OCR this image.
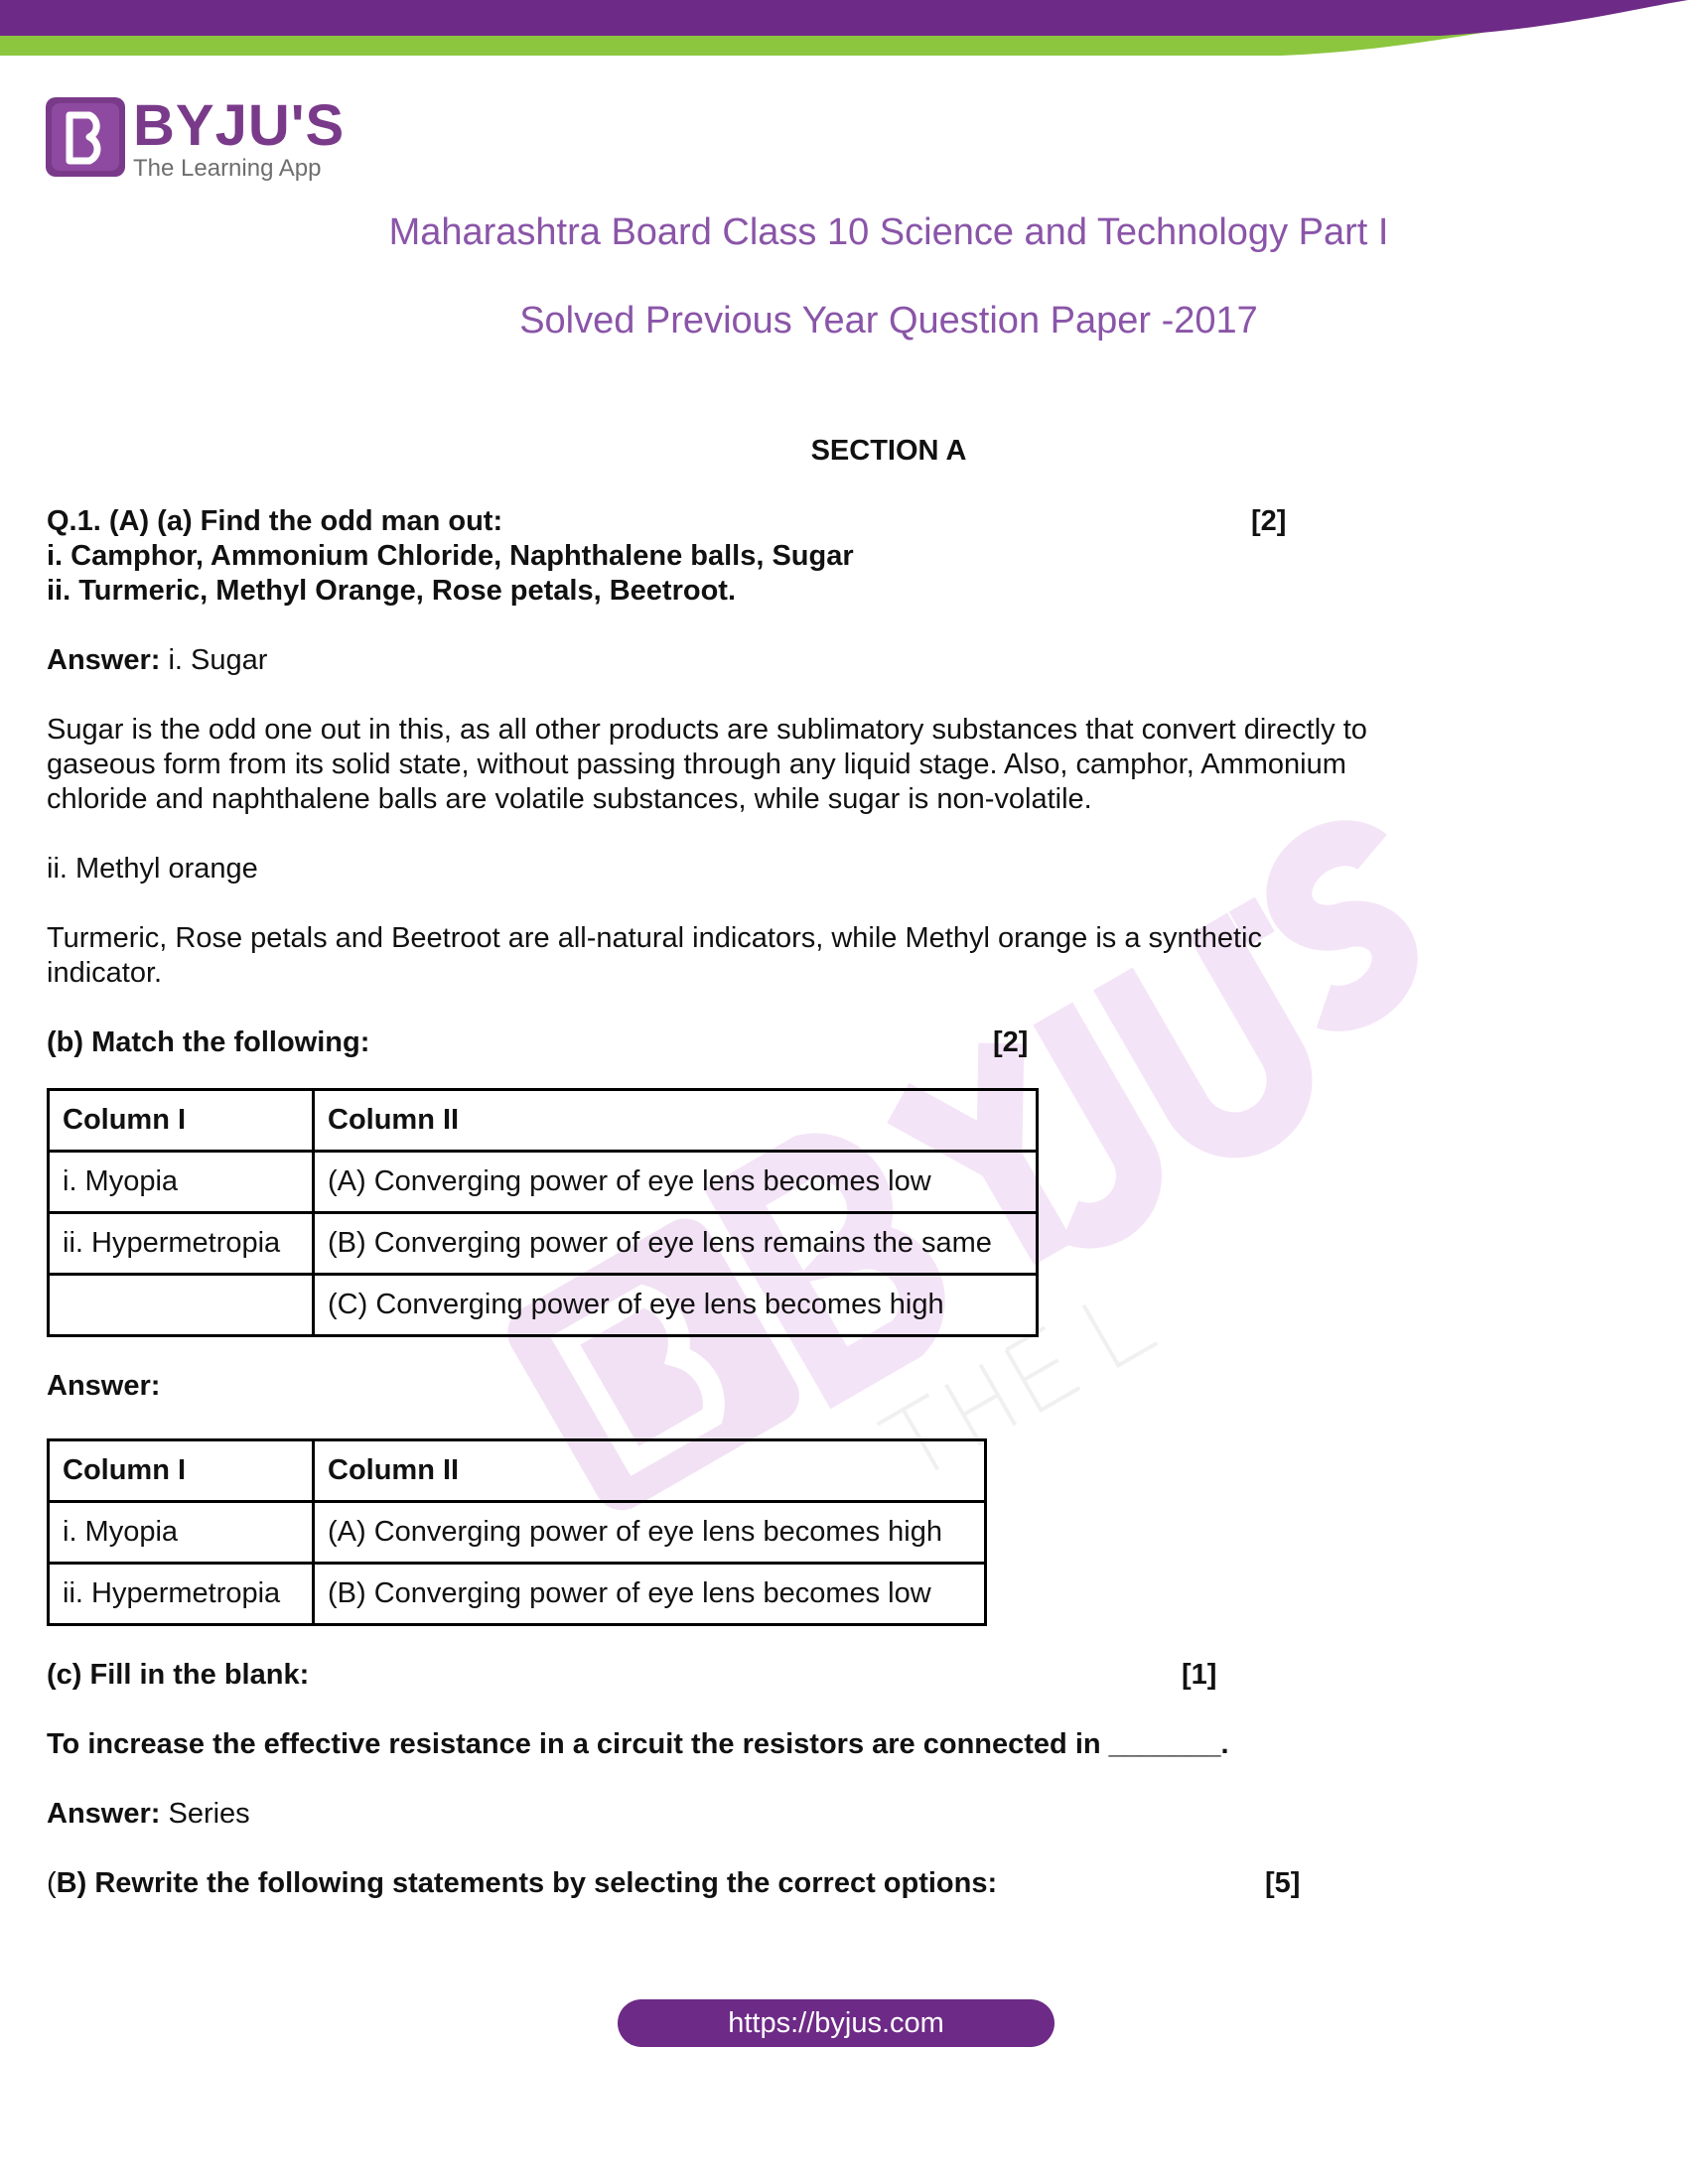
BYJU'S
The Learning App
Maharashtra Board Class 10 Science and Technology Part I
Solved Previous Year Question Paper -2017
SECTION A
Q.1. (A) (a) Find the odd man out:	[2]
i. Camphor, Ammonium Chloride, Naphthalene balls, Sugar
ii. Turmeric, Methyl Orange, Rose petals, Beetroot.
Answer: i. Sugar
Sugar is the odd one out in this, as all other products are sublimatory substances that convert directly to
gaseous form from its solid state, without passing through any liquid stage. Also, camphor, Ammonium
chloride and naphthalene balls are volatile substances, while sugar is non-volatile.
ii. Methyl orange
Turmeric, Rose petals and Beetroot are all-natural indicators, while Methyl orange is a synthetic
indicator.
(b) Match the following:	[2]
Column I	Column II
i. Myopia	(A) Converging power of eye lens becomes low
ii. Hypermetropia	(B) Converging power of eye lens remains the same
	(C) Converging power of eye lens becomes high
Answer:
Column I	Column II
i. Myopia	(A) Converging power of eye lens becomes high
ii. Hypermetropia	(B) Converging power of eye lens becomes low
(c) Fill in the blank:	[1]
To increase the effective resistance in a circuit the resistors are connected in _______.
Answer: Series
(B) Rewrite the following statements by selecting the correct options:	[5]
https://byjus.com
